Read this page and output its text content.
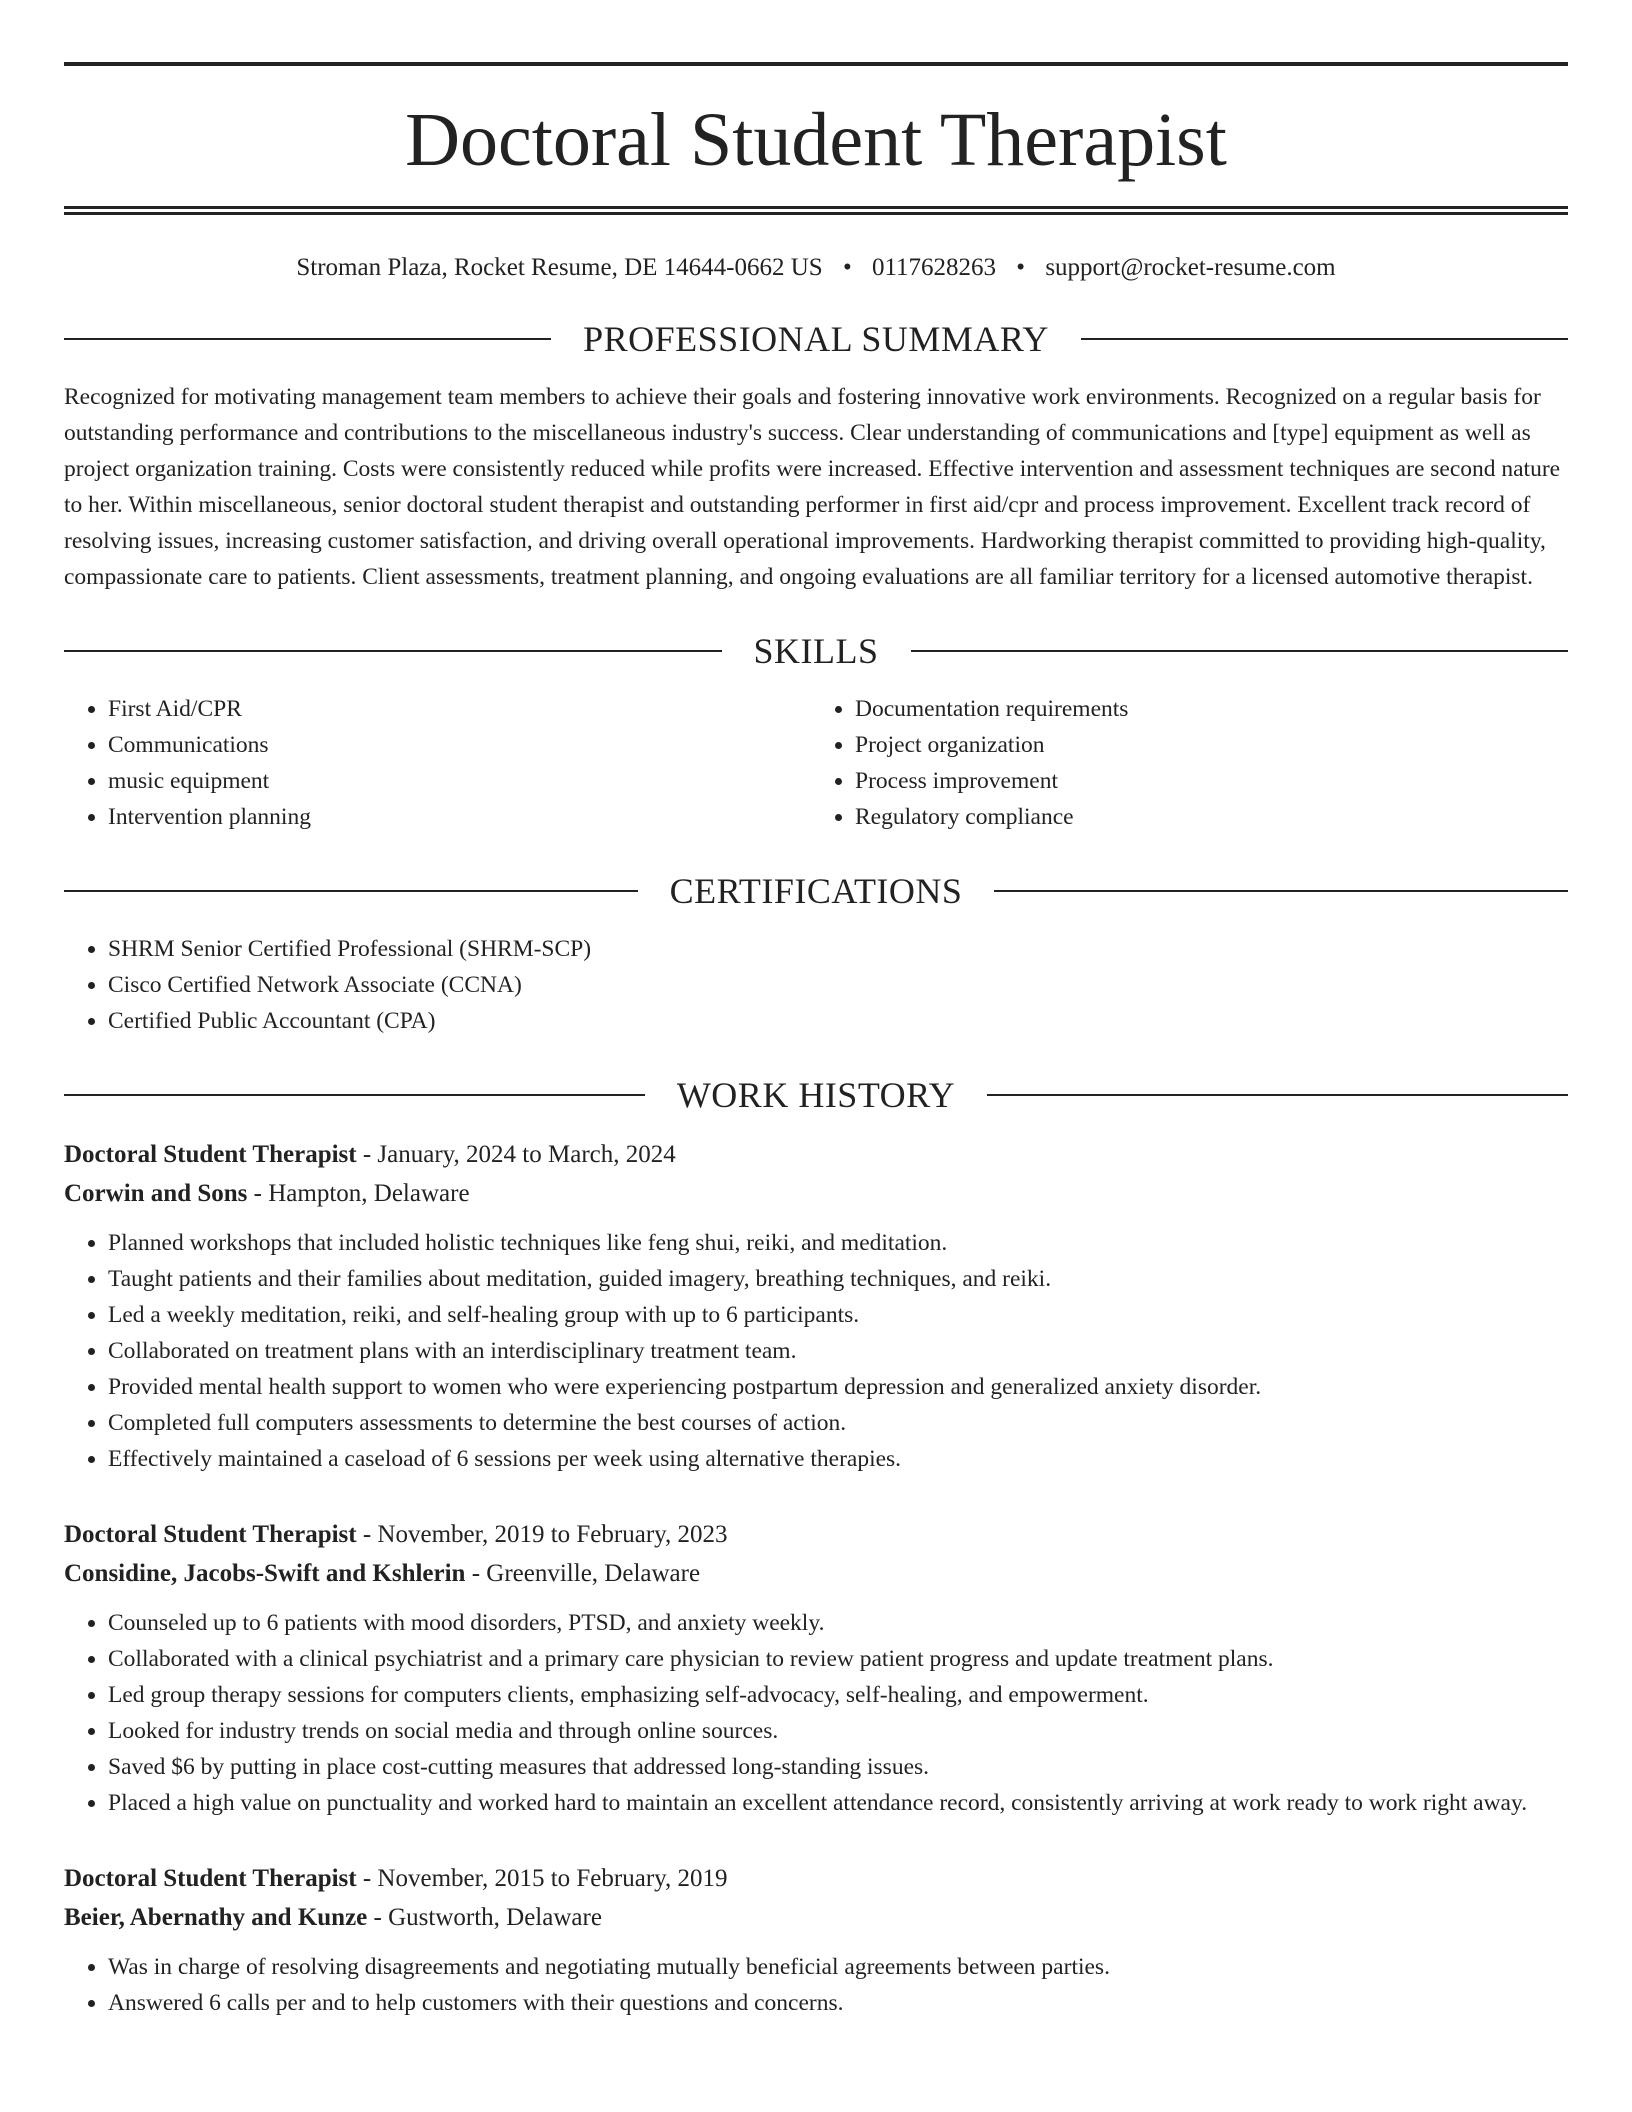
Doctoral Student Therapist
Stroman Plaza, Rocket Resume, DE 14644-0662 US • 0117628263 • support@rocket-resume.com
PROFESSIONAL SUMMARY

Recognized for motivating management team members to achieve their goals and fostering innovative work environments. Recognized on a regular basis for outstanding performance and contributions to the miscellaneous industry's success. Clear understanding of communications and [type] equipment as well as project organization training. Costs were consistently reduced while profits were increased. Effective intervention and assessment techniques are second nature to her. Within miscellaneous, senior doctoral student therapist and outstanding performer in first aid/cpr and process improvement. Excellent track record of resolving issues, increasing customer satisfaction, and driving overall operational improvements. Hardworking therapist committed to providing high-quality, compassionate care to patients. Client assessments, treatment planning, and ongoing evaluations are all familiar territory for a licensed automotive therapist.

SKILLS
• First Aid/CPR
• Communications
• music equipment
• Intervention planning
• Documentation requirements
• Project organization
• Process improvement
• Regulatory compliance
CERTIFICATIONS
• SHRM Senior Certified Professional (SHRM-SCP)
• Cisco Certified Network Associate (CCNA)
• Certified Public Accountant (CPA)
WORK HISTORY
Doctoral Student Therapist - January, 2024 to March, 2024
Corwin and Sons - Hampton, Delaware
• Planned workshops that included holistic techniques like feng shui, reiki, and meditation.
• Taught patients and their families about meditation, guided imagery, breathing techniques, and reiki.
• Led a weekly meditation, reiki, and self-healing group with up to 6 participants.
• Collaborated on treatment plans with an interdisciplinary treatment team.
• Provided mental health support to women who were experiencing postpartum depression and generalized anxiety disorder.
• Completed full computers assessments to determine the best courses of action.
• Effectively maintained a caseload of 6 sessions per week using alternative therapies.
Doctoral Student Therapist - November, 2019 to February, 2023
Considine, Jacobs-Swift and Kshlerin - Greenville, Delaware
• Counseled up to 6 patients with mood disorders, PTSD, and anxiety weekly.
• Collaborated with a clinical psychiatrist and a primary care physician to review patient progress and update treatment plans.
• Led group therapy sessions for computers clients, emphasizing self-advocacy, self-healing, and empowerment.
• Looked for industry trends on social media and through online sources.
• Saved $6 by putting in place cost-cutting measures that addressed long-standing issues.
• Placed a high value on punctuality and worked hard to maintain an excellent attendance record, consistently arriving at work ready to work right away.
Doctoral Student Therapist - November, 2015 to February, 2019
Beier, Abernathy and Kunze - Gustworth, Delaware
• Was in charge of resolving disagreements and negotiating mutually beneficial agreements between parties.
• Answered 6 calls per and to help customers with their questions and concerns.
